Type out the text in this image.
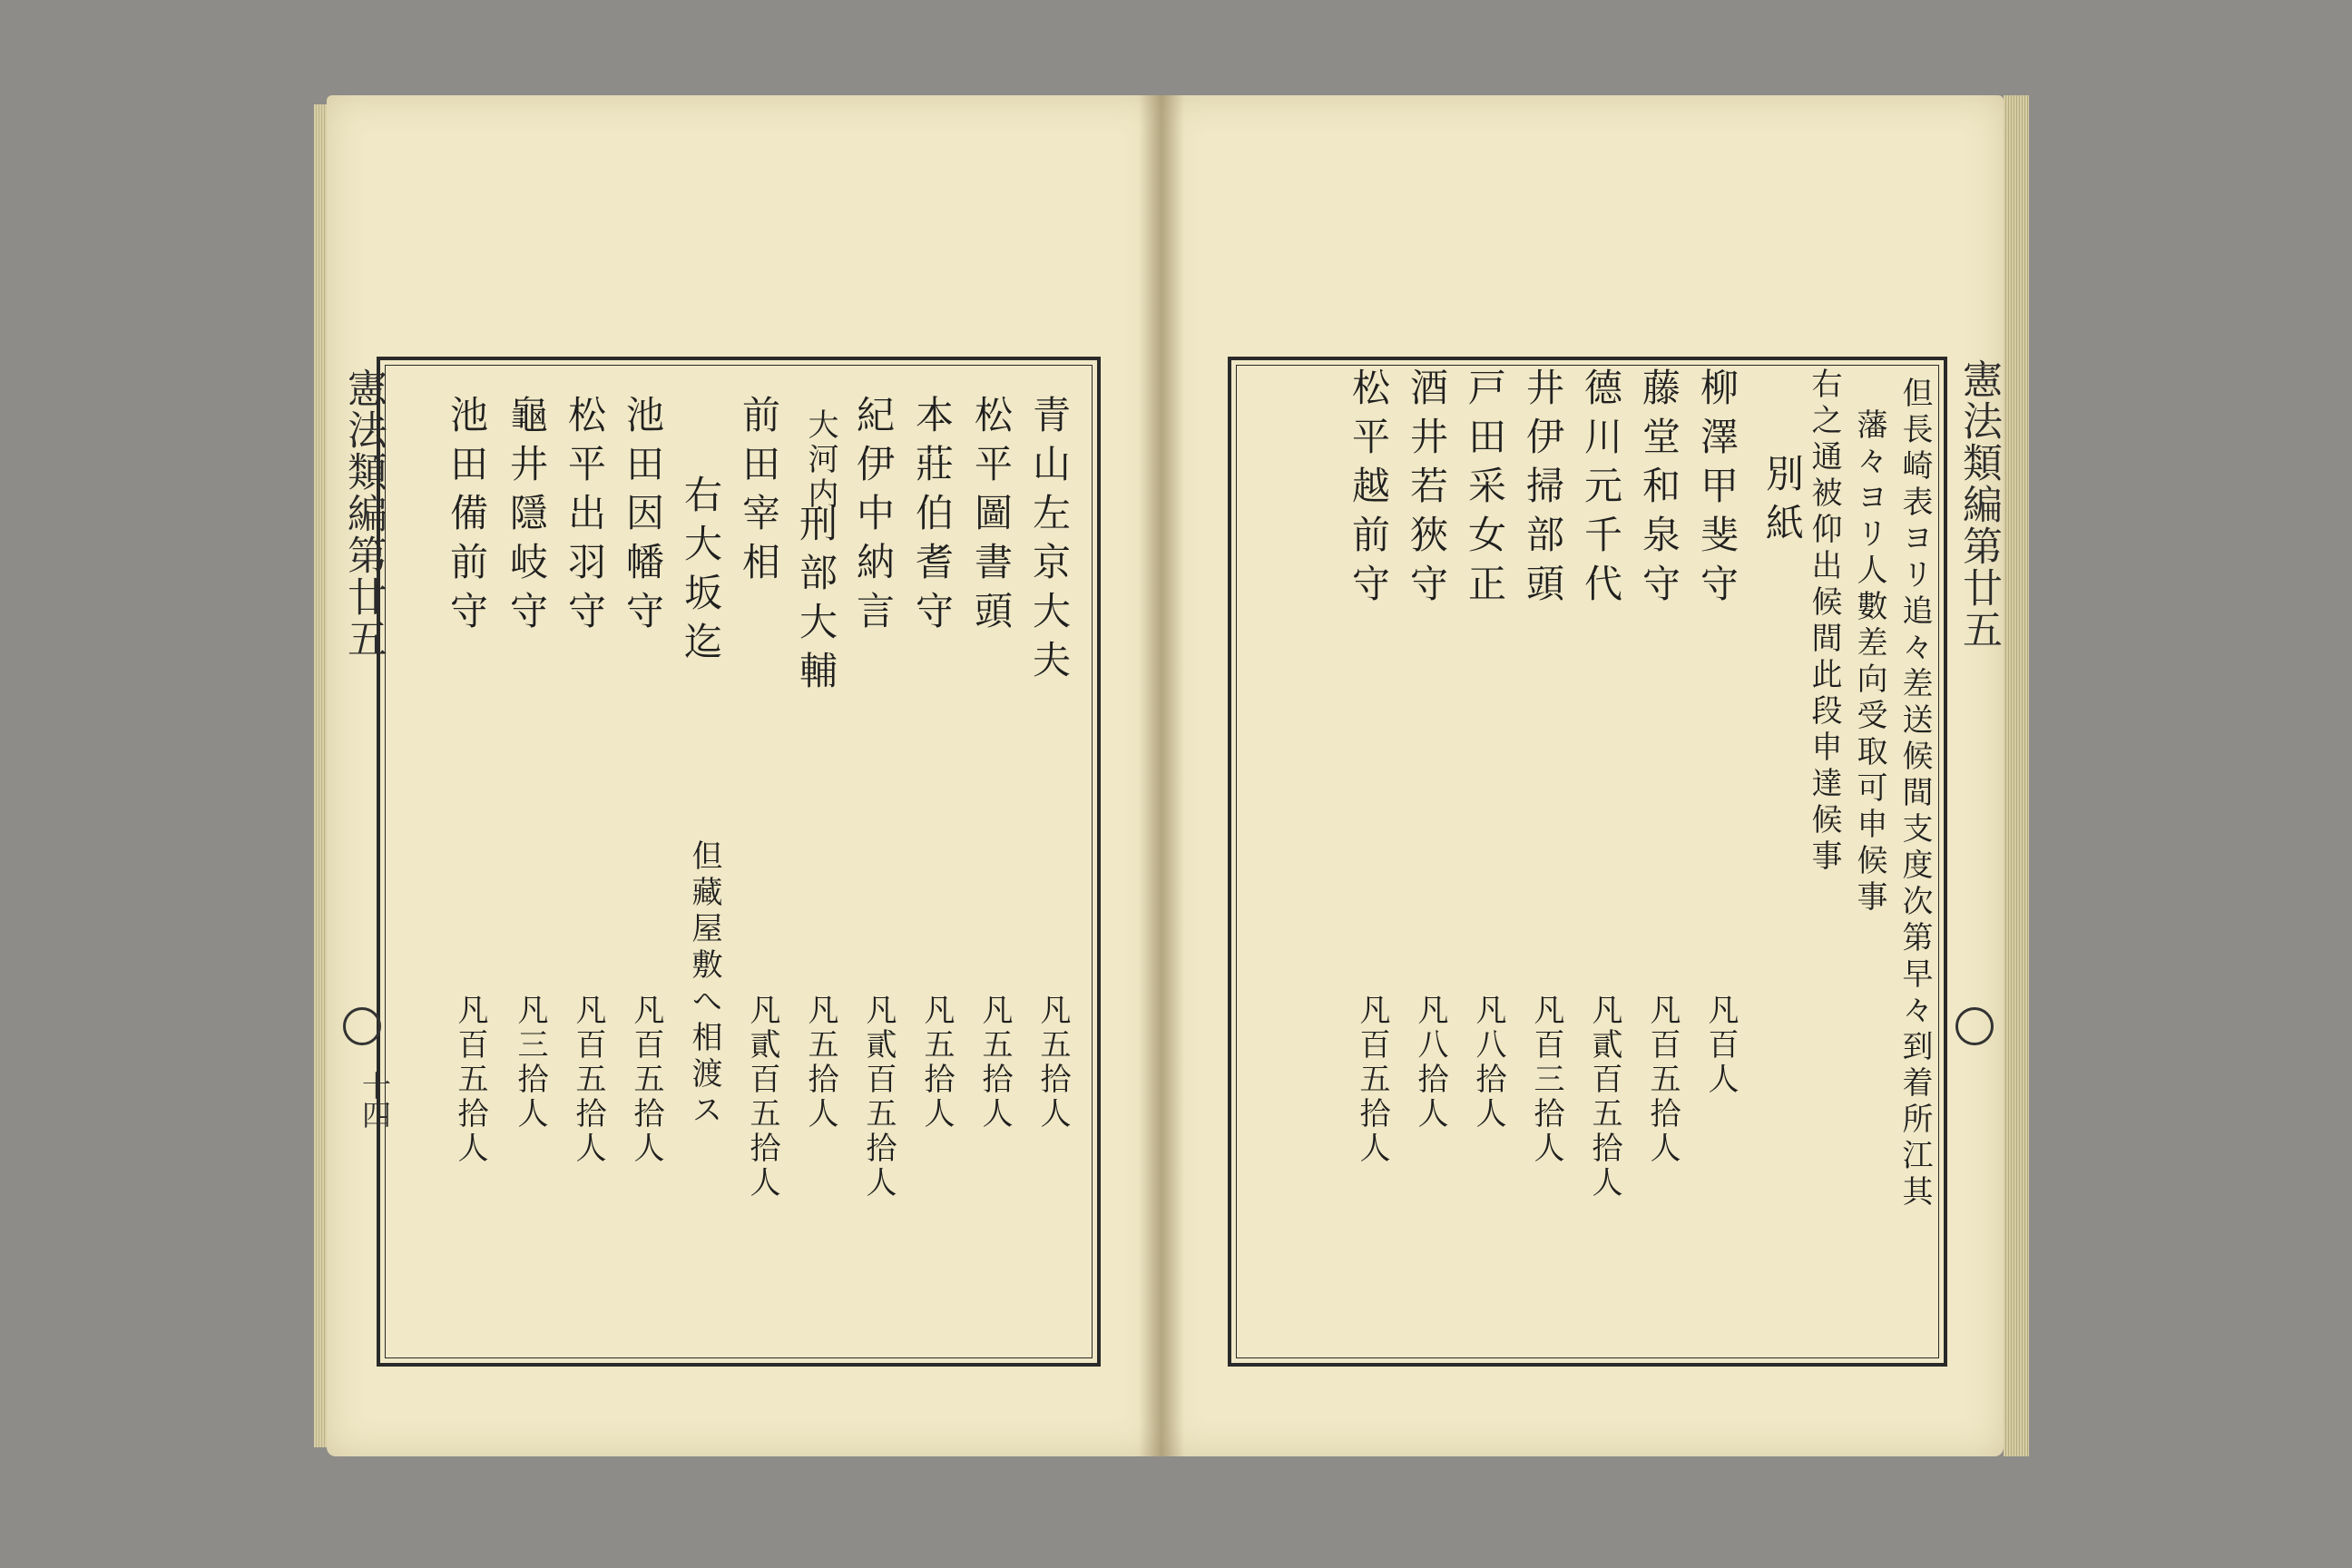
憲法類編第廿五
十四
青山左京大夫
松平圖書頭
本莊伯耆守
紀伊中納言
大河内
刑部大輔
前田宰相
右大坂迄
池田因幡守
松平出羽守
龜井隱岐守
池田備前守
凡五拾人
凡五拾人
凡五拾人
凡貳百五拾人
凡五拾人
凡貳百五拾人
但藏屋敷へ相渡ス
凡百五拾人
凡百五拾人
凡三拾人
凡百五拾人
憲法類編第廿五
但長崎表ヨリ追々差送候間支度次第早々到着所江其
藩々ヨリ人數差向受取可申候事
右之通被仰出候間此段申達候事
別紙
柳澤甲斐守
藤堂和泉守
德川元千代
井伊掃部頭
戸田采女正
酒井若狹守
松平越前守
凡百人
凡百五拾人
凡貳百五拾人
凡百三拾人
凡八拾人
凡八拾人
凡百五拾人
